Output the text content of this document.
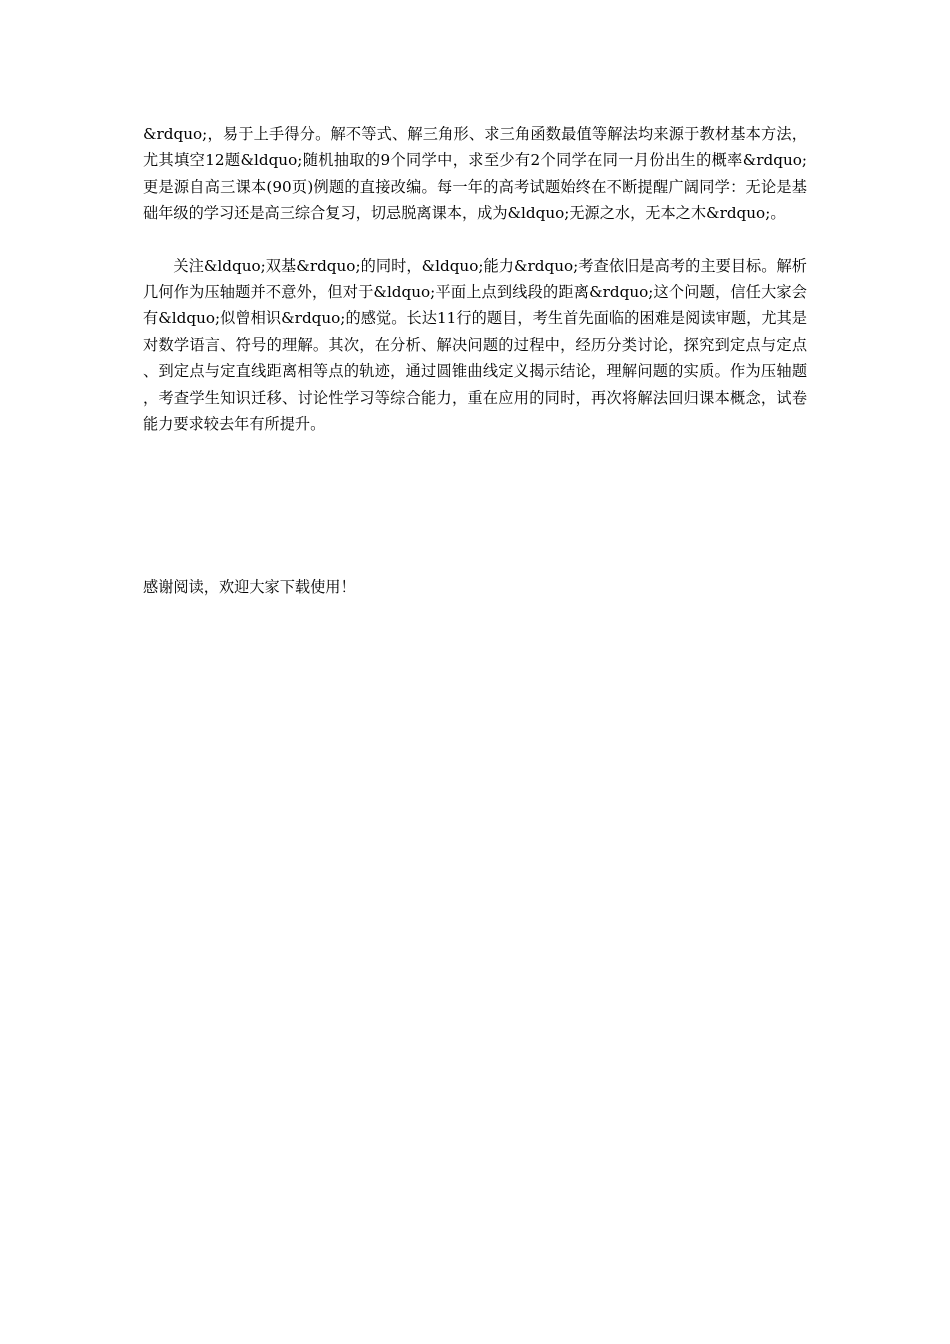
&rdquo;，易于上手得分。解不等式、解三角形、求三角函数最值等解法均来源于教材基本方法，尤其填空12题&ldquo;随机抽取的9个同学中，求至少有2个同学在同一月份出生的概率&rdquo;更是源自高三课本(90页)例题的直接改编。每一年的高考试题始终在不断提醒广阔同学：无论是基础年级的学习还是高三综合复习，切忌脱离课本，成为&ldquo;无源之水，无本之木&rdquo;。

关注&ldquo;双基&rdquo;的同时，&ldquo;能力&rdquo;考查依旧是高考的主要目标。解析几何作为压轴题并不意外，但对于&ldquo;平面上点到线段的距离&rdquo;这个问题，信任大家会有&ldquo;似曾相识&rdquo;的感觉。长达11行的题目，考生首先面临的困难是阅读审题，尤其是对数学语言、符号的理解。其次，在分析、解决问题的过程中，经历分类讨论，探究到定点与定点、到定点与定直线距离相等点的轨迹，通过圆锥曲线定义揭示结论，理解问题的实质。作为压轴题，考查学生知识迁移、讨论性学习等综合能力，重在应用的同时，再次将解法回归课本概念，试卷能力要求较去年有所提升。

感谢阅读，欢迎大家下载使用！
